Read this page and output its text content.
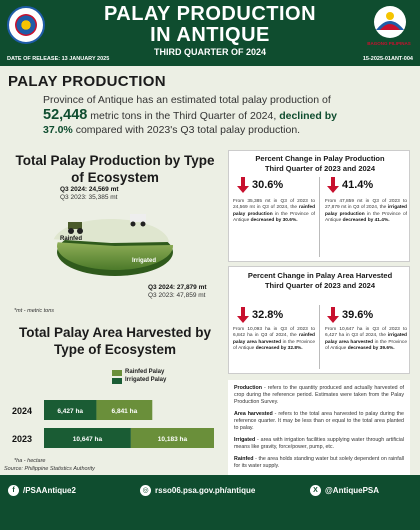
PALAY PRODUCTION
IN ANTIQUE
THIRD QUARTER OF 2024
DATE OF RELEASE: 13 JANUARY 2025	15-2025-01ANT-004
BAGONG PILIPINAS
PALAY PRODUCTION
Province of Antique has an estimated total palay production of
52,448 metric tons in the Third Quarter of 2024, declined by
37.0% compared with 2023's Q3 total palay production.
Total Palay Production by Type of Ecosystem
Q3 2024: 24,569 mt
Q3 2023: 35,385 mt
Rainfed
Irrigated
Q3 2024: 27,879 mt
Q3 2023: 47,859 mt
*mt - metric tons
Percent Change in Palay Production
Third Quarter of 2023 and 2024
30.6%
From 35,385 mt in Q3 of 2023 to 24,569 mt in Q3 of 2024, the rainfed palay production in the Province of Antique decreased by 30.6%.
41.4%
From 47,859 mt in Q3 of 2023 to 27,879 mt in Q3 of 2024, the irrigated palay production in the Province of Antique decreased by 41.4%.
Percent Change in Palay Area Harvested
Third Quarter of 2023 and 2024
32.8%
From 10,093 ha in Q3 of 2023 to 6,842 ha in Q3 of 2024, the rainfed palay area harvested in the Province of Antique decreased by 32.8%.
39.6%
From 10,647 ha in Q3 of 2023 to 6,427 ha in Q3 of 2024, the irrigated palay area harvested in the Province of Antique decreased by 39.6%.
Total Palay Area Harvested by Type of Ecosystem
Rainfed Palay
Irrigated Palay
2024	6,427 ha	6,841 ha
2023	10,647 ha	10,183 ha
*ha - hectare

Production - refers to the quantity produced and actually harvested of crop during the reference period. Estimates were taken from the Palay Production Survey.

Area harvested - refers to the total area harvested to palay during the reference quarter. It may be less than or equal to the total area planted to palay.

Irrigated - area with irrigation facilities supplying water through artificial means like gravity, force/power, pump, etc.

Rainfed - the area holds standing water but solely dependent on rainfall for its water supply.

Source: Philippine Statistics Authority
f	/PSAAntique2	◎ rsso06.psa.gov.ph/antique	X @AntiquePSA
